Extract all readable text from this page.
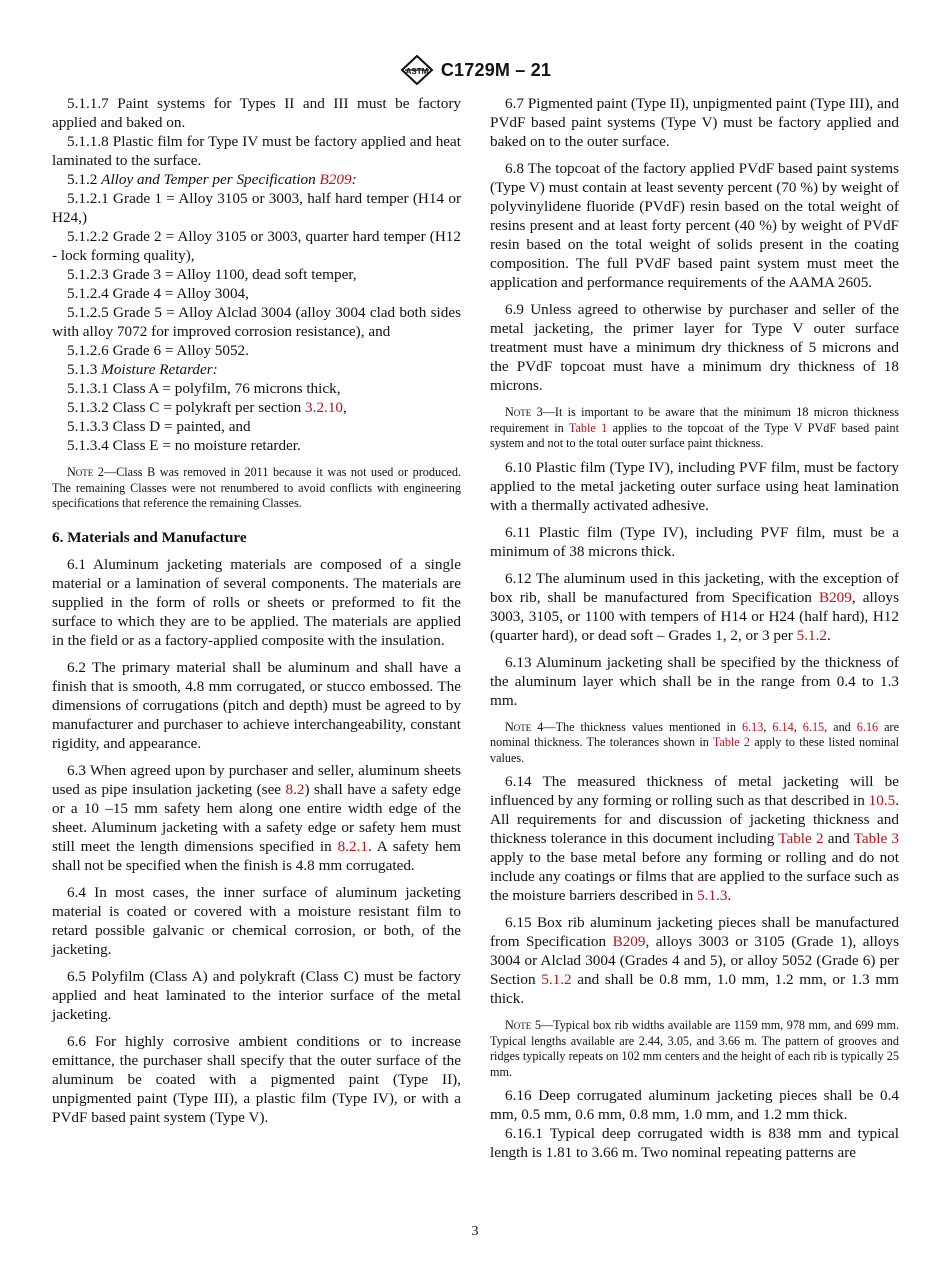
ASTM C1729M – 21

5.1.1.7 Paint systems for Types II and III must be factory applied and baked on.

5.1.1.8 Plastic film for Type IV must be factory applied and heat laminated to the surface.

5.1.2 Alloy and Temper per Specification B209:

5.1.2.1 Grade 1 = Alloy 3105 or 3003, half hard temper (H14 or H24,)

5.1.2.2 Grade 2 = Alloy 3105 or 3003, quarter hard temper (H12 - lock forming quality),

5.1.2.3 Grade 3 = Alloy 1100, dead soft temper,

5.1.2.4 Grade 4 = Alloy 3004,

5.1.2.5 Grade 5 = Alloy Alclad 3004 (alloy 3004 clad both sides with alloy 7072 for improved corrosion resistance), and

5.1.2.6 Grade 6 = Alloy 5052.

5.1.3 Moisture Retarder:

5.1.3.1 Class A = polyfilm, 76 microns thick,

5.1.3.2 Class C = polykraft per section 3.2.10,

5.1.3.3 Class D = painted, and

5.1.3.4 Class E = no moisture retarder.

Note 2—Class B was removed in 2011 because it was not used or produced. The remaining Classes were not renumbered to avoid conflicts with engineering specifications that reference the remaining Classes.

6. Materials and Manufacture

6.1 Aluminum jacketing materials are composed of a single material or a lamination of several components. The materials are supplied in the form of rolls or sheets or preformed to fit the surface to which they are to be applied. The materials are applied in the field or as a factory-applied composite with the insulation.

6.2 The primary material shall be aluminum and shall have a finish that is smooth, 4.8 mm corrugated, or stucco embossed. The dimensions of corrugations (pitch and depth) must be agreed to by manufacturer and purchaser to achieve interchangeability, constant rigidity, and appearance.

6.3 When agreed upon by purchaser and seller, aluminum sheets used as pipe insulation jacketing (see 8.2) shall have a safety edge or a 10 –15 mm safety hem along one entire width edge of the sheet. Aluminum jacketing with a safety edge or safety hem must still meet the length dimensions specified in 8.2.1. A safety hem shall not be specified when the finish is 4.8 mm corrugated.

6.4 In most cases, the inner surface of aluminum jacketing material is coated or covered with a moisture resistant film to retard possible galvanic or chemical corrosion, or both, of the jacketing.

6.5 Polyfilm (Class A) and polykraft (Class C) must be factory applied and heat laminated to the interior surface of the metal jacketing.

6.6 For highly corrosive ambient conditions or to increase emittance, the purchaser shall specify that the outer surface of the aluminum be coated with a pigmented paint (Type II), unpigmented paint (Type III), a plastic film (Type IV), or with a PVdF based paint system (Type V).

6.7 Pigmented paint (Type II), unpigmented paint (Type III), and PVdF based paint systems (Type V) must be factory applied and baked on to the outer surface.

6.8 The topcoat of the factory applied PVdF based paint systems (Type V) must contain at least seventy percent (70 %) by weight of polyvinylidene fluoride (PVdF) resin based on the total weight of resins present and at least forty percent (40 %) by weight of PVdF resin based on the total weight of solids present in the coating composition. The full PVdF based paint system must meet the application and performance requirements of the AAMA 2605.

6.9 Unless agreed to otherwise by purchaser and seller of the metal jacketing, the primer layer for Type V outer surface treatment must have a minimum dry thickness of 5 microns and the PVdF topcoat must have a minimum dry thickness of 18 microns.

Note 3—It is important to be aware that the minimum 18 micron thickness requirement in Table 1 applies to the topcoat of the Type V PVdF based paint system and not to the total outer surface paint thickness.

6.10 Plastic film (Type IV), including PVF film, must be factory applied to the metal jacketing outer surface using heat lamination with a thermally activated adhesive.

6.11 Plastic film (Type IV), including PVF film, must be a minimum of 38 microns thick.

6.12 The aluminum used in this jacketing, with the exception of box rib, shall be manufactured from Specification B209, alloys 3003, 3105, or 1100 with tempers of H14 or H24 (half hard), H12 (quarter hard), or dead soft – Grades 1, 2, or 3 per 5.1.2.

6.13 Aluminum jacketing shall be specified by the thickness of the aluminum layer which shall be in the range from 0.4 to 1.3 mm.

Note 4—The thickness values mentioned in 6.13, 6.14, 6.15, and 6.16 are nominal thickness. The tolerances shown in Table 2 apply to these listed nominal values.

6.14 The measured thickness of metal jacketing will be influenced by any forming or rolling such as that described in 10.5. All requirements for and discussion of jacketing thickness and thickness tolerance in this document including Table 2 and Table 3 apply to the base metal before any forming or rolling and do not include any coatings or films that are applied to the surface such as the moisture barriers described in 5.1.3.

6.15 Box rib aluminum jacketing pieces shall be manufactured from Specification B209, alloys 3003 or 3105 (Grade 1), alloys 3004 or Alclad 3004 (Grades 4 and 5), or alloy 5052 (Grade 6) per Section 5.1.2 and shall be 0.8 mm, 1.0 mm, 1.2 mm, or 1.3 mm thick.

Note 5—Typical box rib widths available are 1159 mm, 978 mm, and 699 mm. Typical lengths available are 2.44, 3.05, and 3.66 m. The pattern of grooves and ridges typically repeats on 102 mm centers and the height of each rib is typically 25 mm.

6.16 Deep corrugated aluminum jacketing pieces shall be 0.4 mm, 0.5 mm, 0.6 mm, 0.8 mm, 1.0 mm, and 1.2 mm thick.

6.16.1 Typical deep corrugated width is 838 mm and typical length is 1.81 to 3.66 m. Two nominal repeating patterns are

3
